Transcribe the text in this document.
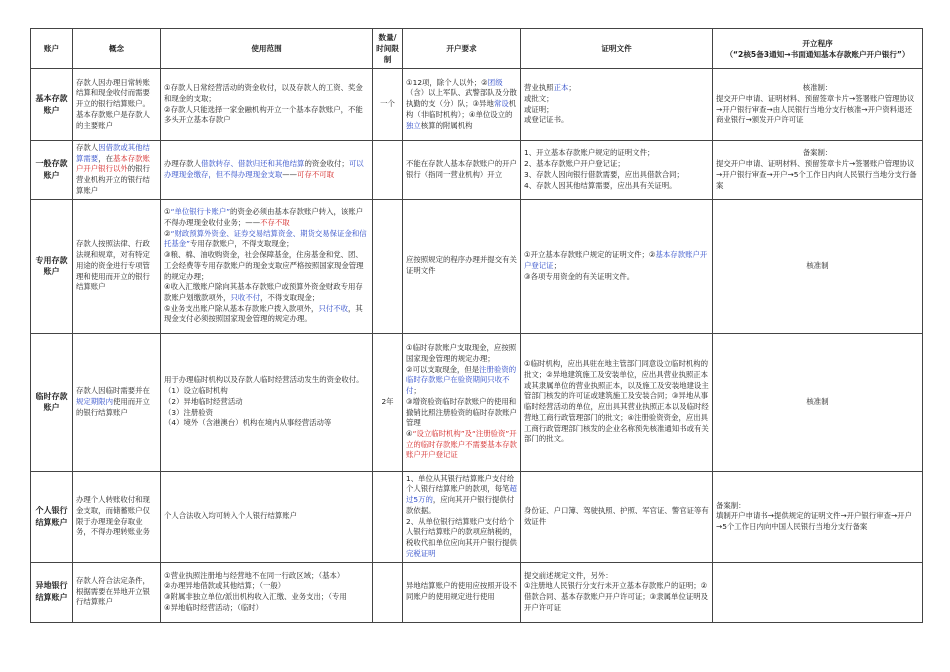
账户	概念	使用范围	数量/时间限制	开户要求	证明文件	开立程序
（“2核5备3通知→书面通知基本存款账户开户银行”）

基本存款账户	存款人因办理日常转账结算和现金收付而需要开立的银行结算账户。基本存款账户是存款人的主要账户	①存款人日常经营活动的资金收付，以及存款人的工资、奖金和现金的支取；
②存款人只能选择一家金融机构开立一个基本存款账户，不能多头开立基本存款户	一个	①12项，除个人以外；②团级（含）以上军队、武警部队及分散执勤的支（分）队；③异地常设机构（非临时机构）；④单位设立的独立核算的附属机构	营业执照正本；
或批文；
或证明；
或登记证书。	核准制：
提交开户申请、证明材料、预留签章卡片→签署账户管理协议→开户银行审查→由人民银行当地分支行核准→开户资料退还商业银行→颁发开户许可证

一般存款账户	存款人因借款或其他结算需要，在基本存款账户开户银行以外的银行营业机构开立的银行结算账户	办理存款人借款转存、借款归还和其他结算的资金收付；可以办理现金缴存，但不得办理现金支取——可存不可取		不能在存款人基本存款账户的开户银行（指同一营业机构）开立	1、开立基本存款账户规定的证明文件；
2、基本存款账户开户登记证；
3、存款人因向银行借款需要，应出具借款合同；
4、存款人因其他结算需要，应出具有关证明。	备案制：
提交开户申请、证明材料、预留签章卡片→签署账户管理协议→开户银行审查→开户→5个工作日内向人民银行当地分支行备案

专用存款账户	存款人按照法律、行政法规和规章，对有特定用途的资金进行专项管理和使用而开立的银行结算账户	①“单位银行卡账户”的资金必须由基本存款账户转入，该账户不得办理现金收付业务；——不存不取
②“财政预算外资金、证券交易结算资金、期货交易保证金和信托基金”专用存款账户，不得支取现金；
③粮、棉、油收购资金，社会保障基金，住房基金和党、团、工会经费等专用存款账户的现金支取应严格按照国家现金管理的规定办理；
④收入汇缴账户除向其基本存款账户或预算外资金财政专用存款账户划缴款项外，只收不付，不得支取现金；
⑤业务支出账户除从基本存款账户拨入款项外，只付不收，其现金支付必须按照国家现金管理的规定办理。		应按照规定的程序办理并提交有关证明文件	①开立基本存款账户规定的证明文件；②基本存款账户开户登记证；
③各项专用资金的有关证明文件。	核准制

临时存款账户	存款人因临时需要并在规定期限内使用而开立的银行结算账户	用于办理临时机构以及存款人临时经营活动发生的资金收付。
（1）设立临时机构
（2）异地临时经营活动
（3）注册验资
（4）境外（含港澳台）机构在境内从事经营活动等	2年	①临时存款账户支取现金，应按照国家现金管理的规定办理；
②可以支取现金，但是注册验资的临时存款账户在验资期间只收不付；
③增资验资临时存款账户的使用和撤销比照注册验资的临时存款账户管理
④“设立临时机构”及“注册验资”开立的临时存款账户不需要基本存款账户开户登记证	①临时机构，应出具驻在地主管部门同意设立临时机构的批文；②异地建筑施工及安装单位，应出具营业执照正本或其隶属单位的营业执照正本，以及施工及安装地建设主管部门核发的许可证或建筑施工及安装合同；③异地从事临时经营活动的单位，应出具其营业执照正本以及临时经营地工商行政管理部门的批文；④注册验资资金，应出具工商行政管理部门核发的企业名称预先核准通知书或有关部门的批文。	核准制

个人银行结算账户	办理个人转账收付和现金支取，而储蓄账户仅限于办理现金存取业务，不得办理转账业务	个人合法收入均可转入个人银行结算账户		1、单位从其银行结算账户支付给个人银行结算账户的款项，每笔超过5万的，应向其开户银行提供付款依据。
2、从单位银行结算账户支付给个人银行结算账户的款项应纳税的，税收代扣单位应向其开户银行提供完税证明	身份证、户口簿、驾驶执照、护照、军官证、警官证等有效证件	备案制：
填制开户申请书→提供规定的证明文件→开户银行审查→开户→5个工作日内向中国人民银行当地分支行备案

异地银行结算账户	存款人符合法定条件，根据需要在异地开立银行结算账户	①营业执照注册地与经营地不在同一行政区域；（基本）
②办理异地借款或其他结算；（一般）
③附属非独立单位/派出机构收入汇缴、业务支出；（专用
④异地临时经营活动；（临时）		异地结算账户的使用应按照开设不同账户的使用规定进行使用	提交前述规定文件，另外：
①注册地人民银行分支行未开立基本存款账户的证明；②借款合同、基本存款账户开户许可证；③隶属单位证明及开户许可证	
